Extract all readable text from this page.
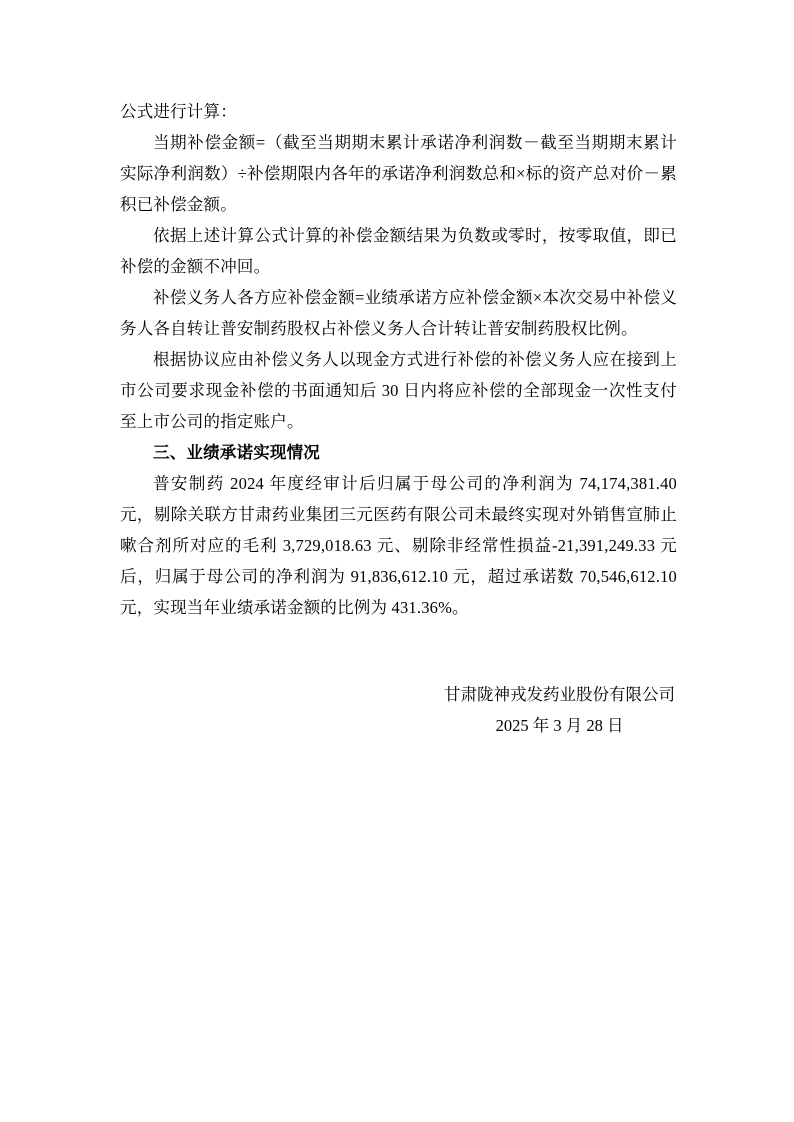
公式进行计算：

当期补偿金额=（截至当期期末累计承诺净利润数－截至当期期末累计实际净利润数）÷补偿期限内各年的承诺净利润数总和×标的资产总对价－累积已补偿金额。

依据上述计算公式计算的补偿金额结果为负数或零时，按零取值，即已补偿的金额不冲回。

补偿义务人各方应补偿金额=业绩承诺方应补偿金额×本次交易中补偿义务人各自转让普安制药股权占补偿义务人合计转让普安制药股权比例。

根据协议应由补偿义务人以现金方式进行补偿的补偿义务人应在接到上市公司要求现金补偿的书面通知后 30 日内将应补偿的全部现金一次性支付至上市公司的指定账户。

三、业绩承诺实现情况

普安制药 2024 年度经审计后归属于母公司的净利润为 74,174,381.40 元，剔除关联方甘肃药业集团三元医药有限公司未最终实现对外销售宣肺止嗽合剂所对应的毛利 3,729,018.63 元、剔除非经常性损益-21,391,249.33 元后，归属于母公司的净利润为 91,836,612.10 元，超过承诺数 70,546,612.10 元，实现当年业绩承诺金额的比例为 431.36%。

甘肃陇神戎发药业股份有限公司
2025 年 3 月 28 日
